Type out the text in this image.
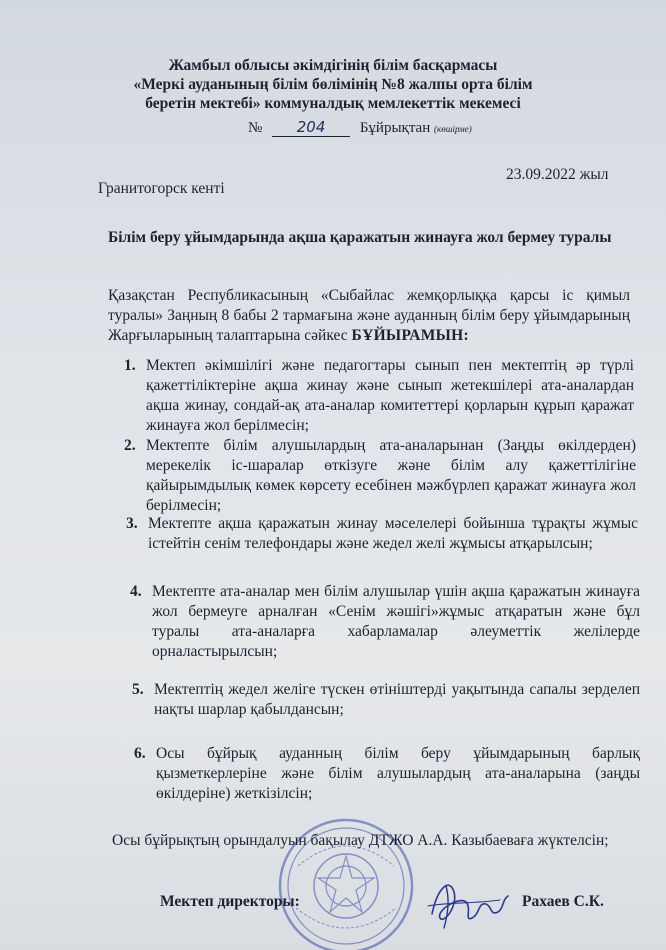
Жамбыл облысы әкімдігінің білім басқармасы
«Меркі ауданының білім бөлімінің №8 жалпы орта білім
беретін мектебі» коммуналдық мемлекеттік мекемесі
№ 204 Бұйрықтан (көшірме)
23.09.2022 жыл
Гранитогорск кенті
Білім беру ұйымдарында ақша қаражатын жинауға жол бермеу туралы
Қазақстан Республикасының «Сыбайлас жемқорлыққа қарсы іс қимыл туралы» Заңның 8 бабы 2 тармағына және ауданның білім беру ұйымдарының Жарғыларының талаптарына сәйкес БҰЙЫРАМЫН:
1. Мектеп әкімшілігі және педагогтары сынып пен мектептің әр түрлі қажеттіліктеріне ақша жинау және сынып жетекшілері ата-аналардан ақша жинау, сондай-ақ ата-аналар комитеттері қорларын құрып қаражат жинауға жол берілмесін;
2. Мектепте білім алушылардың ата-аналарынан (Заңды өкілдерден) мерекелік іс-шаралар өткізуге және білім алу қажеттілігіне қайырымдылық көмек көрсету есебінен мәжбүрлеп қаражат жинауға жол берілмесін;
3. Мектепте ақша қаражатын жинау мәселелері бойынша тұрақты жұмыс істейтін сенім телефондары және жедел желі жұмысы атқарылсын;
4. Мектепте ата-аналар мен білім алушылар үшін ақша қаражатын жинауға жол бермеуге арналған «Сенім жәшігі»жұмыс атқаратын және бұл туралы ата-аналарға хабарламалар әлеуметтік желілерде орналастырылсын;
5. Мектептің жедел желіге түскен өтініштерді уақытында сапалы зерделеп нақты шарлар қабылдансын;
6. Осы бұйрық ауданның білім беру ұйымдарының барлық қызметкерлеріне және білім алушылардың ата-аналарына (заңды өкілдеріне) жеткізілсін;
Осы бұйрықтың орындалуын бақылау ДТЖО А.А. Казыбаеваға жүктелсін;
Мектеп директоры:	Рахаев С.К.
